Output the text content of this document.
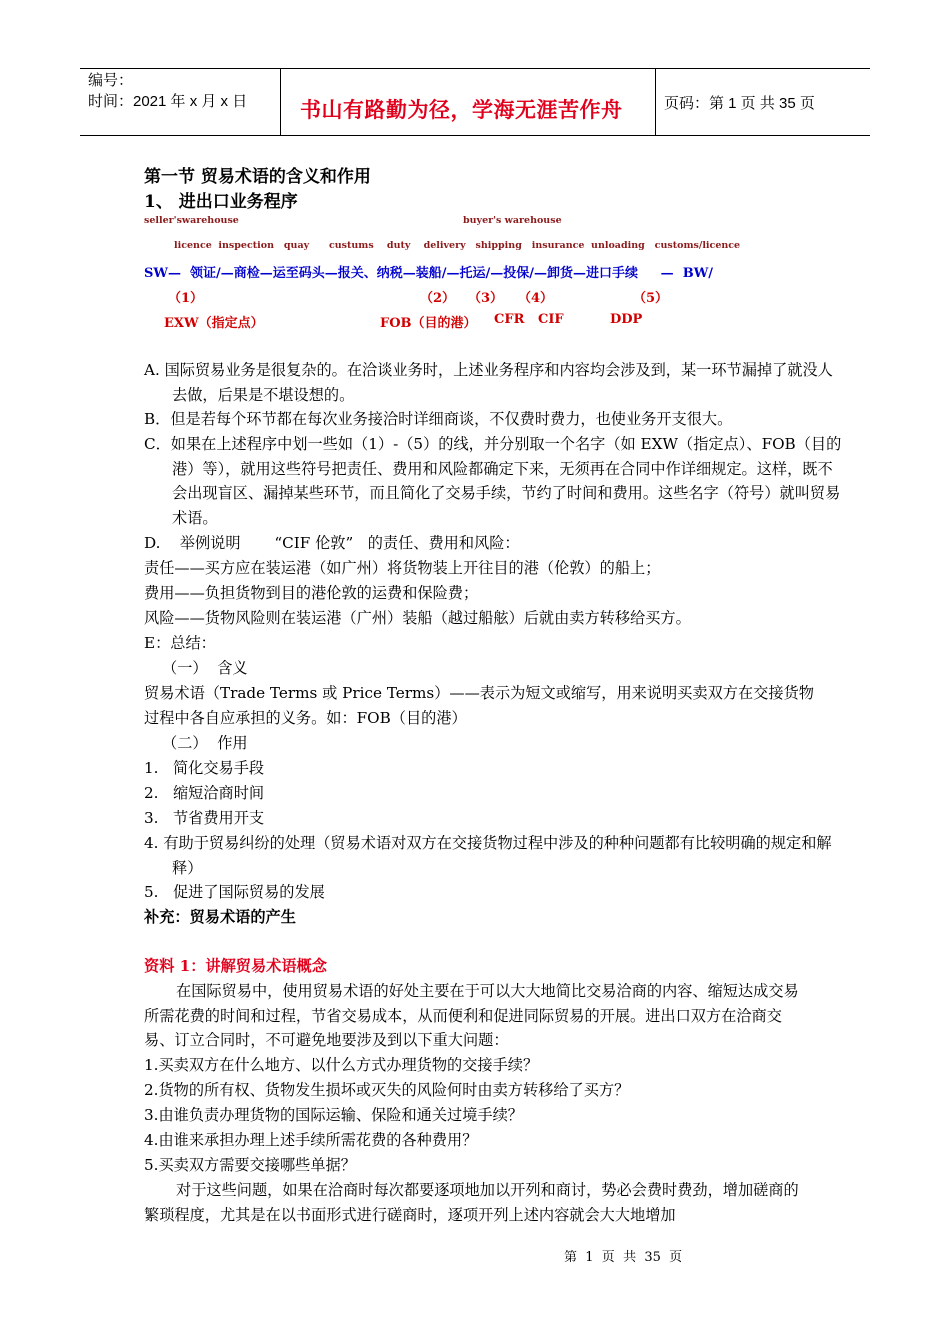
编号：
时间：2021 年 x 月 x 日	书山有路勤为径，学海无涯苦作舟	页码：第 1 页 共 35 页
第一节 贸易术语的含义和作用
1、 进出口业务程序
seller'swarehouse	buyer's warehouse
licence  inspection   quay      custums    duty    delivery   shipping   insurance  unloading   customs/licence
SW—  领证/—商检—运至码头—报关、纳税—装船/—托运/—投保/—卸货—进口手续     —  BW/
（1）	（2） （3） （4）	（5）
EXW（指定点）	FOB（目的港） CFR CIF	DDP
A. 国际贸易业务是很复杂的。在洽谈业务时，上述业务程序和内容均会涉及到，某一环节漏掉了就没人去做，后果是不堪设想的。
B．但是若每个环节都在每次业务接洽时详细商谈，不仅费时费力，也使业务开支很大。
C．如果在上述程序中划一些如（1）-（5）的线，并分别取一个名字（如 EXW（指定点）、FOB（目的港）等），就用这些符号把责任、费用和风险都确定下来，无须再在合同中作详细规定。这样，既不会出现盲区、漏掉某些环节，而且简化了交易手续，节约了时间和费用。这些名字（符号）就叫贸易术语。
D.    举例说明       “CIF 伦敦”   的责任、费用和风险：
责任——买方应在装运港（如广州）将货物装上开往目的港（伦敦）的船上；
费用——负担货物到目的港伦敦的运费和保险费；
风险——货物风险则在装运港（广州）装船（越过船舷）后就由卖方转移给买方。
E：总结：
（一）  含义
贸易术语（Trade Terms 或 Price Terms）——表示为短文或缩写，用来说明买卖双方在交接货物过程中各自应承担的义务。如：FOB（目的港）
（二）  作用
1.   简化交易手段
2.   缩短洽商时间
3.   节省费用开支
4. 有助于贸易纠纷的处理（贸易术语对双方在交接货物过程中涉及的种种问题都有比较明确的规定和解释）
5.   促进了国际贸易的发展
补充：贸易术语的产生
资料 1：讲解贸易术语概念
在国际贸易中，使用贸易术语的好处主要在于可以大大地简比交易洽商的内容、缩短达成交易所需花费的时间和过程，节省交易成本，从而便利和促进同际贸易的开展。进出口双方在洽商交易、订立合同时，不可避免地要涉及到以下重大问题：
1.买卖双方在什么地方、以什么方式办理货物的交接手续？
2.货物的所有权、货物发生损坏或灭失的风险何时由卖方转移给了买方？
3.由谁负责办理货物的国际运输、保险和通关过境手续？
4.由谁来承担办理上述手续所需花费的各种费用？
5.买卖双方需要交接哪些单据？
对于这些问题，如果在洽商时每次都要逐项地加以开列和商讨，势必会费时费劲，增加磋商的繁琐程度，尤其是在以书面形式进行磋商时，逐项开列上述内容就会大大地增加
第  1  页  共  35  页
